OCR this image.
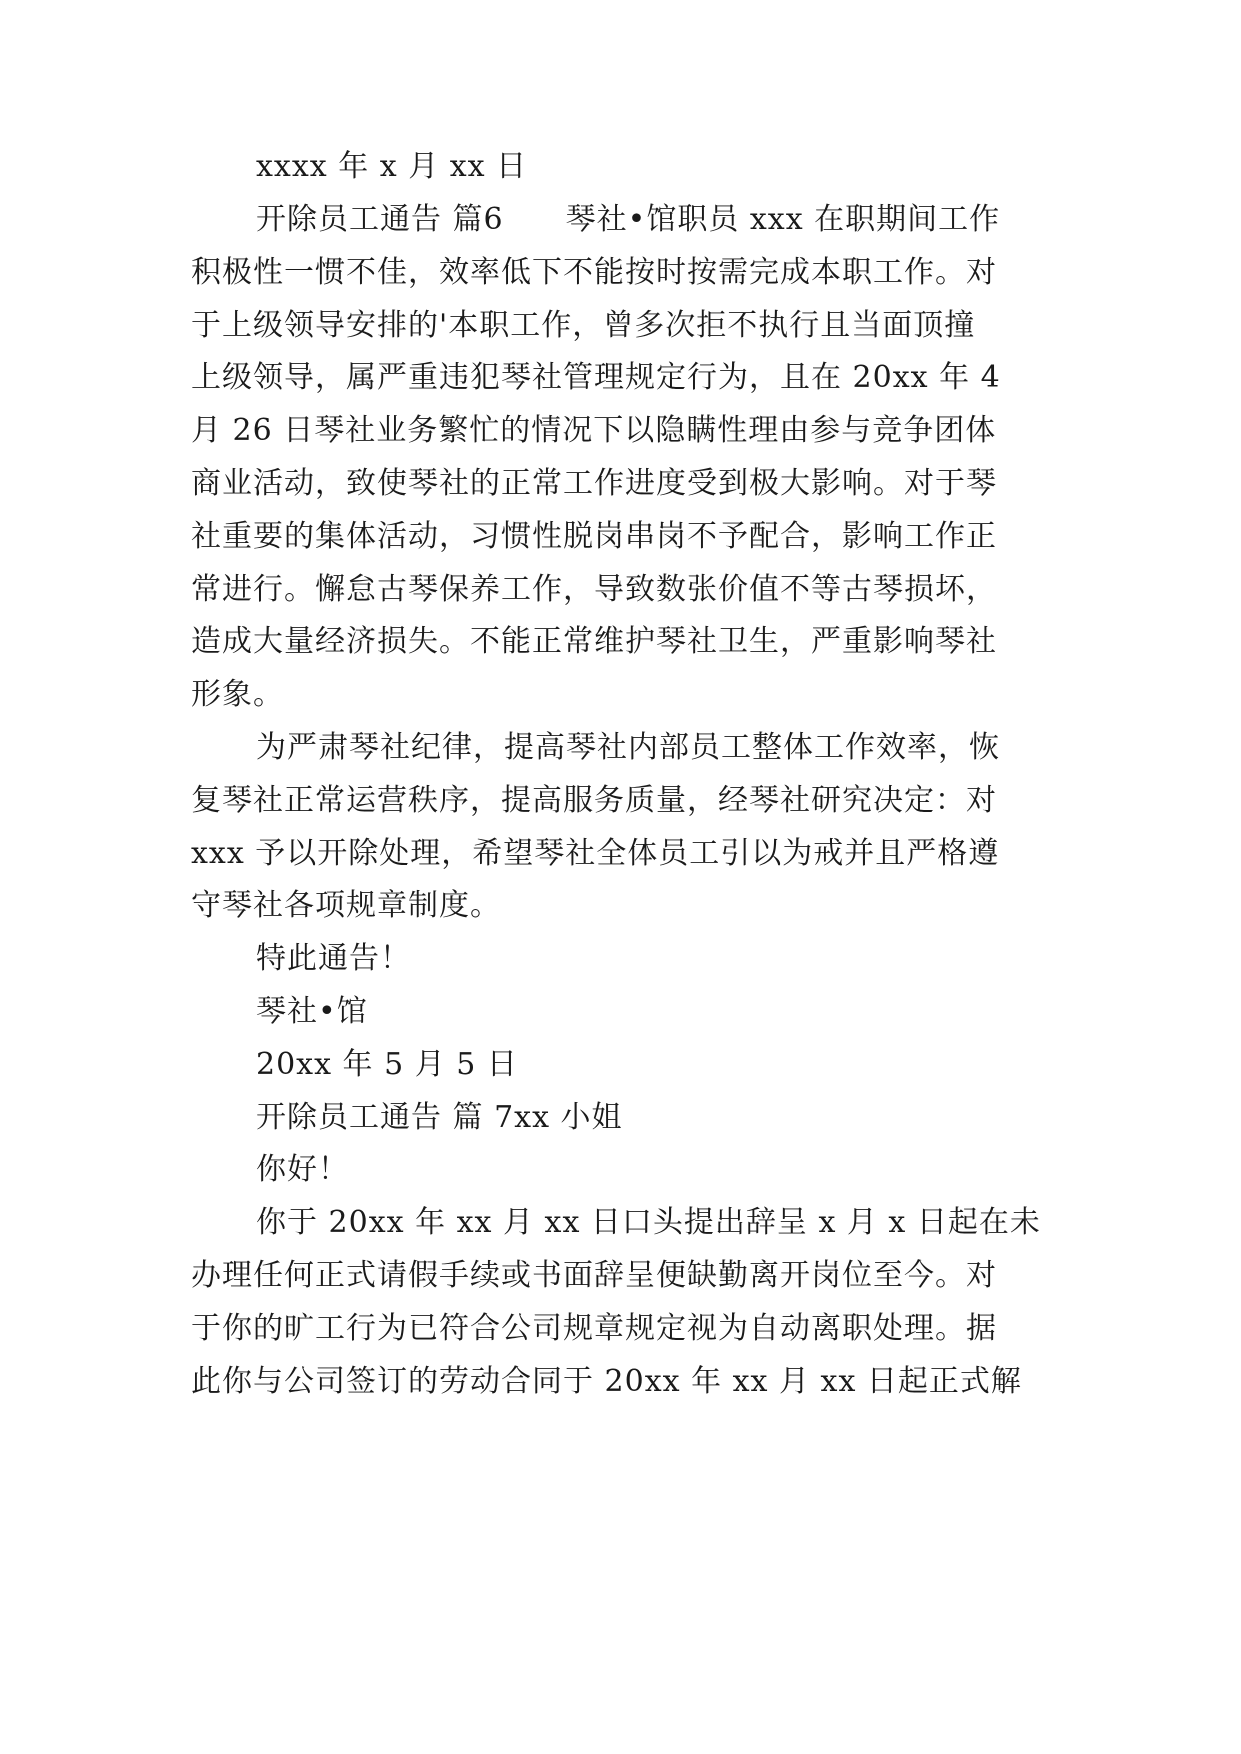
xxxx 年 x 月 xx 日
开除员工通告 篇6　　琴社•馆职员 xxx 在职期间工作
积极性一惯不佳，效率低下不能按时按需完成本职工作。对
于上级领导安排的'本职工作，曾多次拒不执行且当面顶撞
上级领导，属严重违犯琴社管理规定行为，且在 20xx 年 4
月 26 日琴社业务繁忙的情况下以隐瞒性理由参与竞争团体
商业活动，致使琴社的正常工作进度受到极大影响。对于琴
社重要的集体活动，习惯性脱岗串岗不予配合，影响工作正
常进行。懈怠古琴保养工作，导致数张价值不等古琴损坏，
造成大量经济损失。不能正常维护琴社卫生，严重影响琴社
形象。
为严肃琴社纪律，提高琴社内部员工整体工作效率，恢
复琴社正常运营秩序，提高服务质量，经琴社研究决定：对
xxx 予以开除处理，希望琴社全体员工引以为戒并且严格遵
守琴社各项规章制度。
特此通告！
琴社•馆
20xx 年 5 月 5 日
开除员工通告 篇 7xx 小姐
你好！
你于 20xx 年 xx 月 xx 日口头提出辞呈 x 月 x 日起在未
办理任何正式请假手续或书面辞呈便缺勤离开岗位至今。对
于你的旷工行为已符合公司规章规定视为自动离职处理。据
此你与公司签订的劳动合同于 20xx 年 xx 月 xx 日起正式解
